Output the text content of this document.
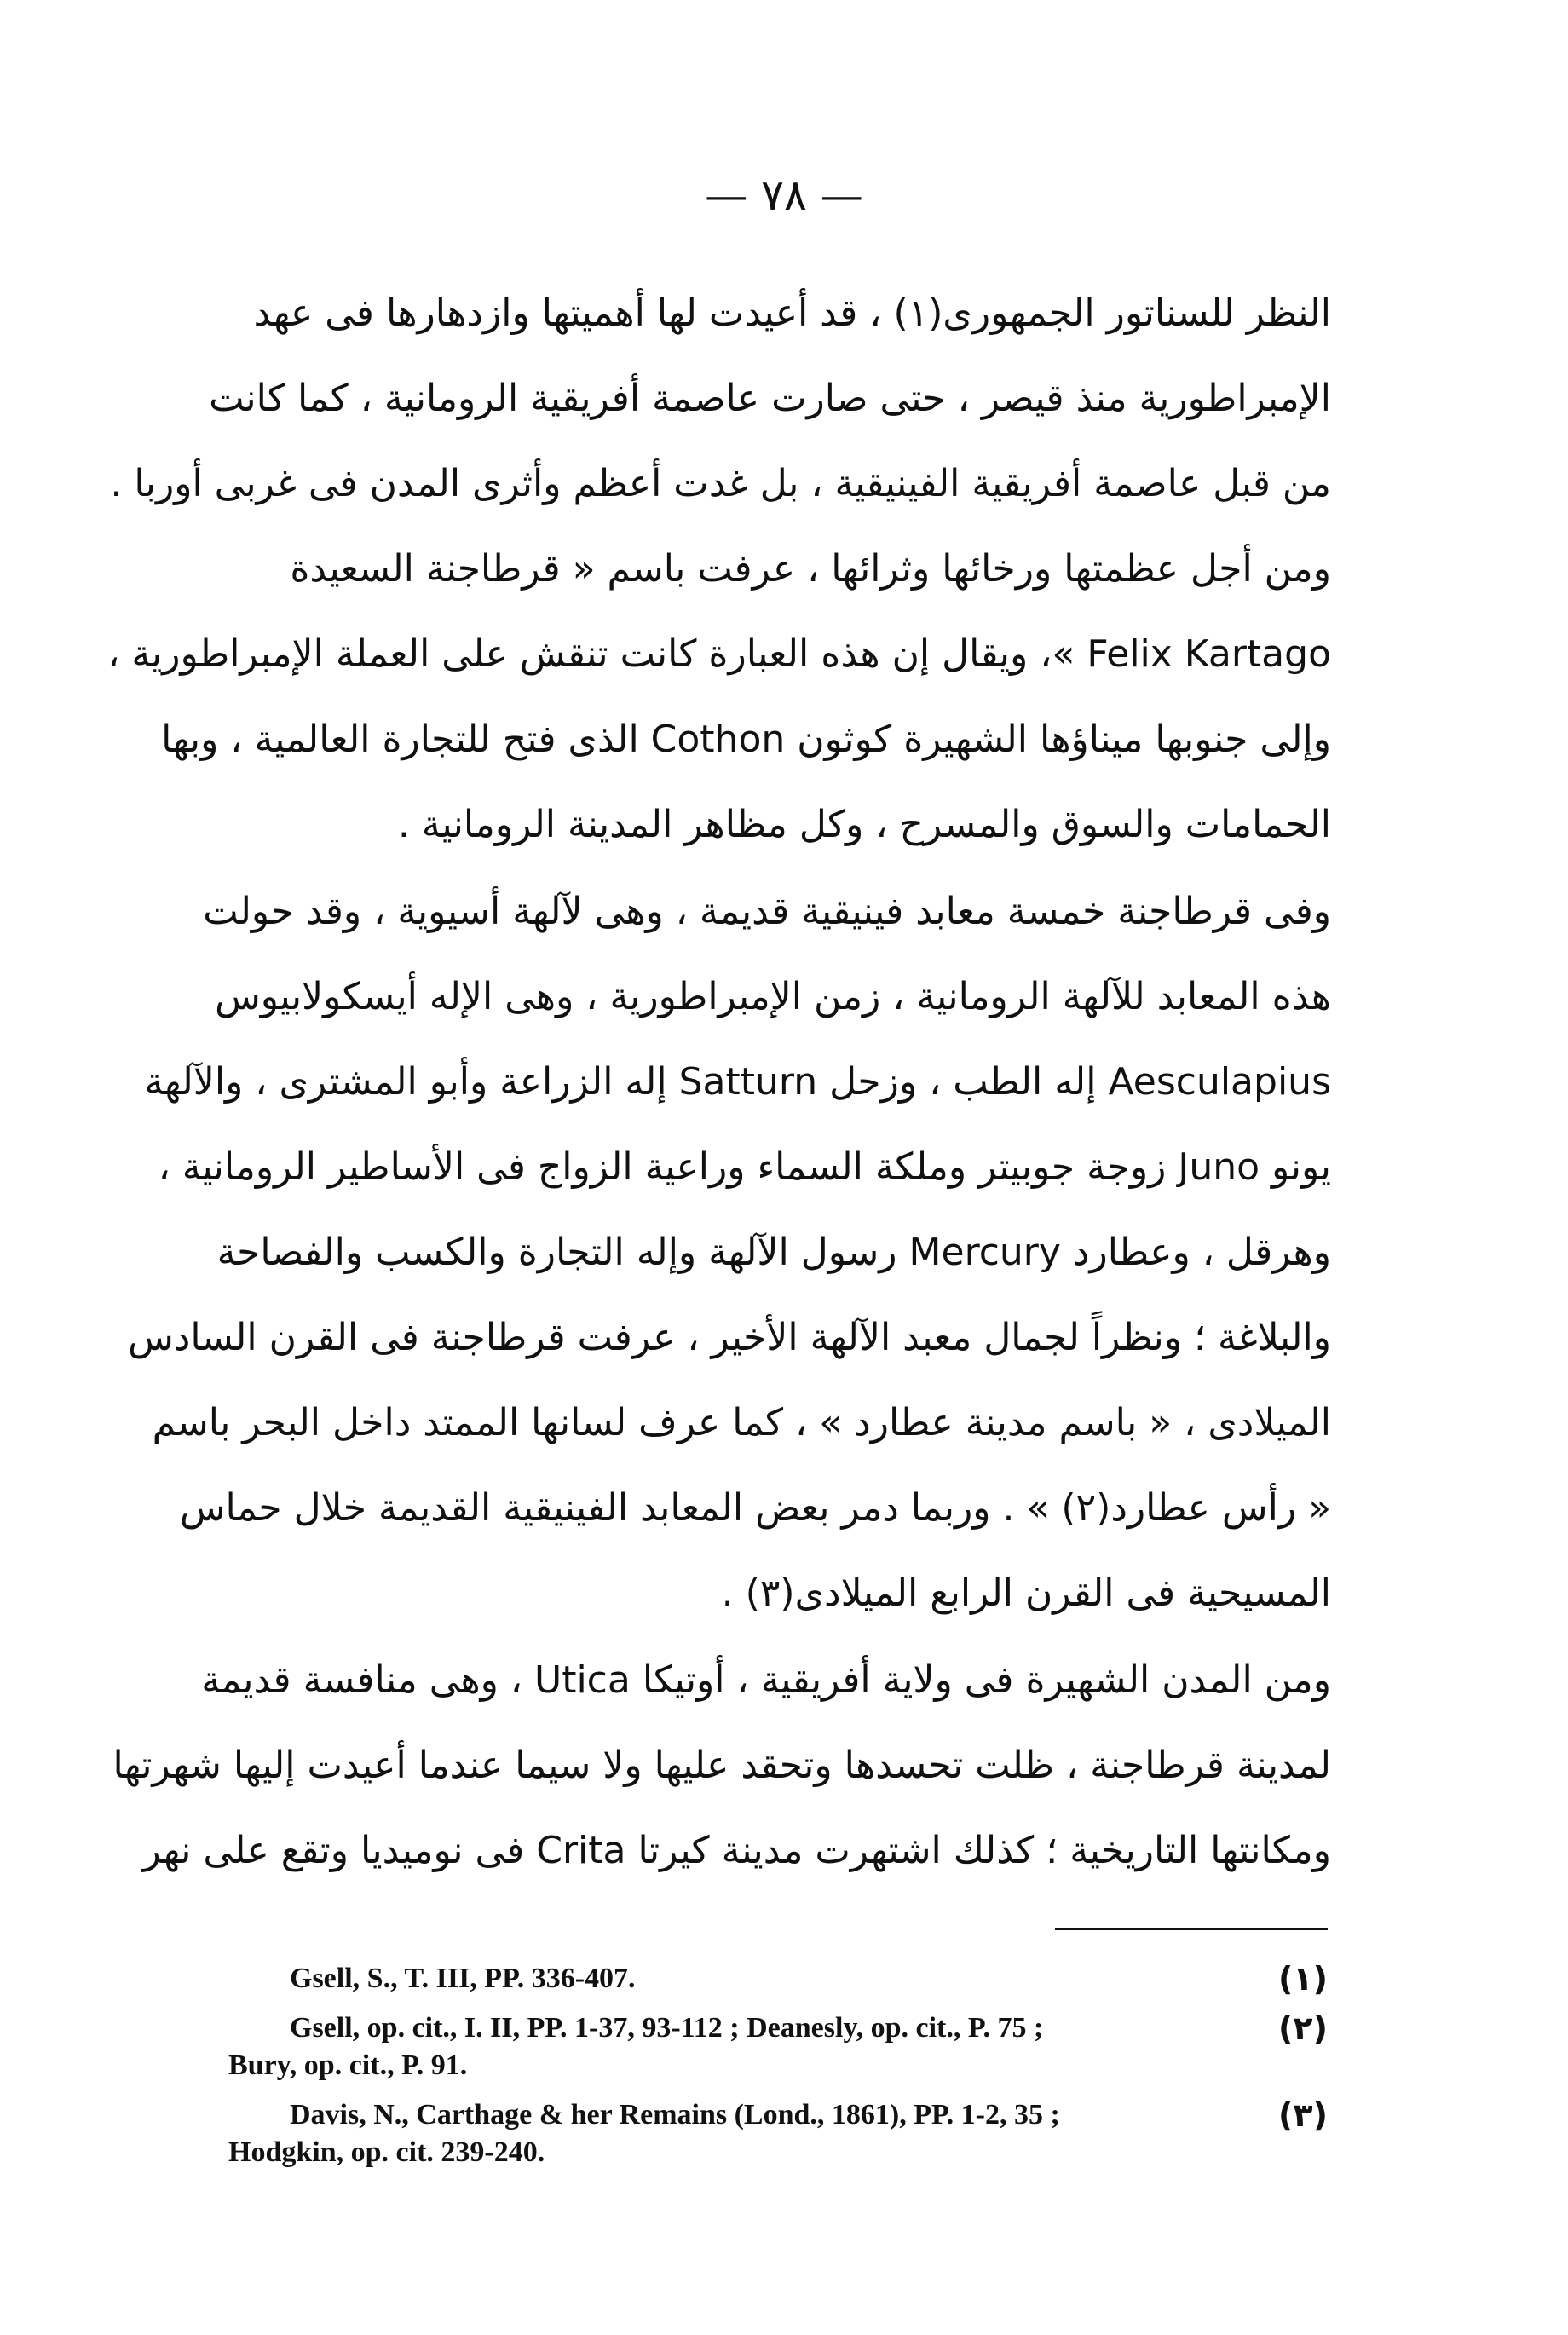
— ٧٨ —
النظر للسناتور الجمهورى(١) ، قد أعيدت لها أهميتها وازدهارها فى عهد
الإمبراطورية منذ قيصر ، حتى صارت عاصمة أفريقية الرومانية ، كما كانت
من قبل عاصمة أفريقية الفينيقية ، بل غدت أعظم وأثرى المدن فى غربى أوربا .
ومن أجل عظمتها ورخائها وثرائها ، عرفت باسم « قرطاجنة السعيدة
Felix Kartago »، ويقال إن هذه العبارة كانت تنقش على العملة الإمبراطورية ،
وإلى جنوبها ميناؤها الشهيرة كوثون Cothon الذى فتح للتجارة العالمية ، وبها
الحمامات والسوق والمسرح ، وكل مظاهر المدينة الرومانية .
وفى قرطاجنة خمسة معابد فينيقية قديمة ، وهى لآلهة أسيوية ، وقد حولت
هذه المعابد للآلهة الرومانية ، زمن الإمبراطورية ، وهى الإله أيسكولابيوس
Aesculapius إله الطب ، وزحل Satturn إله الزراعة وأبو المشترى ، والآلهة
يونو Juno زوجة جوبيتر وملكة السماء وراعية الزواج فى الأساطير الرومانية ،
وهرقل ، وعطارد Mercury رسول الآلهة وإله التجارة والكسب والفصاحة
والبلاغة ؛ ونظراً لجمال معبد الآلهة الأخير ، عرفت قرطاجنة فى القرن السادس
الميلادى ، « باسم مدينة عطارد » ، كما عرف لسانها الممتد داخل البحر باسم
« رأس عطارد(٢) » . وربما دمر بعض المعابد الفينيقية القديمة خلال حماس
المسيحية فى القرن الرابع الميلادى(٣) .
ومن المدن الشهيرة فى ولاية أفريقية ، أوتيكا Utica ، وهى منافسة قديمة
لمدينة قرطاجنة ، ظلت تحسدها وتحقد عليها ولا سيما عندما أعيدت إليها شهرتها
ومكانتها التاريخية ؛ كذلك اشتهرت مدينة كيرتا Crita فى نوميديا وتقع على نهر
Gsell, S., T. III, PP. 336-407.	(١)
Gsell, op. cit., I. II, PP. 1-37, 93-112 ; Deanesly, op. cit., P. 75 ;
Bury, op. cit., P. 91.
(٢)
Davis, N., Carthage & her Remains (Lond., 1861), PP. 1-2, 35 ;
Hodgkin, op. cit. 239-240.
(٣)
